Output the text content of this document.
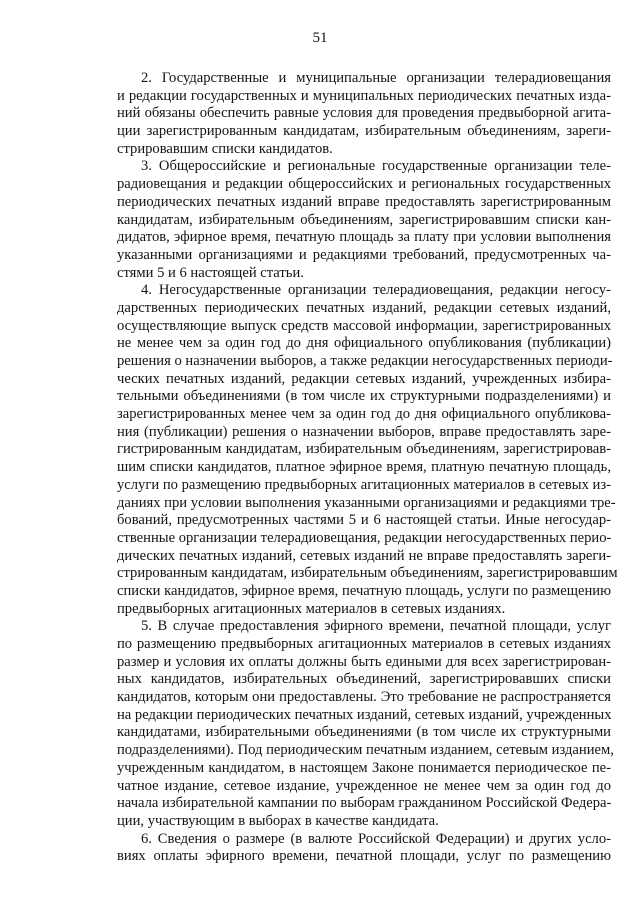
51
2. Государственные и муниципальные организации телерадиовещания
и редакции государственных и муниципальных периодических печатных изда-
ний обязаны обеспечить равные условия для проведения предвыборной агита-
ции зарегистрированным кандидатам, избирательным объединениям, зареги-
стрировавшим списки кандидатов.
3. Общероссийские и региональные государственные организации теле-
радиовещания и редакции общероссийских и региональных государственных
периодических печатных изданий вправе предоставлять зарегистрированным
кандидатам, избирательным объединениям, зарегистрировавшим списки кан-
дидатов, эфирное время, печатную площадь за плату при условии выполнения
указанными организациями и редакциями требований, предусмотренных ча-
стями 5 и 6 настоящей статьи.
4. Негосударственные организации телерадиовещания, редакции негосу-
дарственных периодических печатных изданий, редакции сетевых изданий,
осуществляющие выпуск средств массовой информации, зарегистрированных
не менее чем за один год до дня официального опубликования (публикации)
решения о назначении выборов, а также редакции негосударственных периоди-
ческих печатных изданий, редакции сетевых изданий, учрежденных избира-
тельными объединениями (в том числе их структурными подразделениями) и
зарегистрированных менее чем за один год до дня официального опубликова-
ния (публикации) решения о назначении выборов, вправе предоставлять заре-
гистрированным кандидатам, избирательным объединениям, зарегистрировав-
шим списки кандидатов, платное эфирное время, платную печатную площадь,
услуги по размещению предвыборных агитационных материалов в сетевых из-
даниях при условии выполнения указанными организациями и редакциями тре-
бований, предусмотренных частями 5 и 6 настоящей статьи. Иные негосудар-
ственные организации телерадиовещания, редакции негосударственных перио-
дических печатных изданий, сетевых изданий не вправе предоставлять зареги-
стрированным кандидатам, избирательным объединениям, зарегистрировавшим
списки кандидатов, эфирное время, печатную площадь, услуги по размещению
предвыборных агитационных материалов в сетевых изданиях.
5. В случае предоставления эфирного времени, печатной площади, услуг
по размещению предвыборных агитационных материалов в сетевых изданиях
размер и условия их оплаты должны быть едиными для всех зарегистрирован-
ных кандидатов, избирательных объединений, зарегистрировавших списки
кандидатов, которым они предоставлены. Это требование не распространяется
на редакции периодических печатных изданий, сетевых изданий, учрежденных
кандидатами, избирательными объединениями (в том числе их структурными
подразделениями). Под периодическим печатным изданием, сетевым изданием,
учрежденным кандидатом, в настоящем Законе понимается периодическое пе-
чатное издание, сетевое издание, учрежденное не менее чем за один год до
начала избирательной кампании по выборам гражданином Российской Федера-
ции, участвующим в выборах в качестве кандидата.
6. Сведения о размере (в валюте Российской Федерации) и других усло-
виях оплаты эфирного времени, печатной площади, услуг по размещению
